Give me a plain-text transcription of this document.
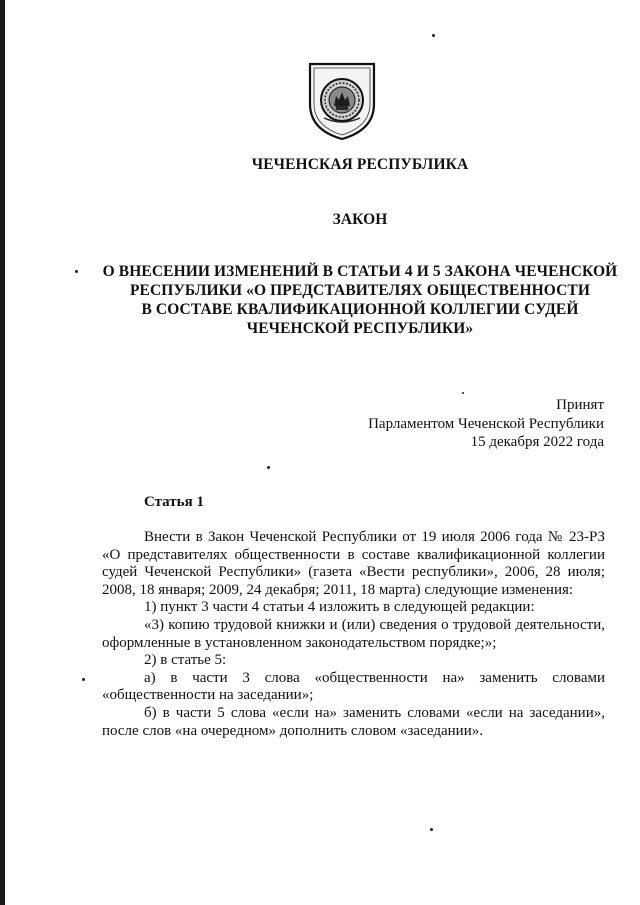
ЧЕЧЕНСКАЯ РЕСПУБЛИКА
ЗАКОН
О ВНЕСЕНИИ ИЗМЕНЕНИЙ В СТАТЬИ 4 И 5 ЗАКОНА ЧЕЧЕНСКОЙ
РЕСПУБЛИКИ «О ПРЕДСТАВИТЕЛЯХ ОБЩЕСТВЕННОСТИ
В СОСТАВЕ КВАЛИФИКАЦИОННОЙ КОЛЛЕГИИ СУДЕЙ
ЧЕЧЕНСКОЙ РЕСПУБЛИКИ»
Принят
Парламентом Чеченской Республики
15 декабря 2022 года
Статья 1
Внести в Закон Чеченской Республики от 19 июля 2006 года № 23-РЗ «О представителях общественности в составе квалификационной коллегии судей Чеченской Республики» (газета «Вести республики», 2006, 28 июля; 2008, 18 января; 2009, 24 декабря; 2011, 18 марта) следующие изменения:
1) пункт 3 части 4 статьи 4 изложить в следующей редакции:
«3) копию трудовой книжки и (или) сведения о трудовой деятельности, оформленные в установленном законодательством порядке;»;
2) в статье 5:
а) в части 3 слова «общественности на» заменить словами «общественности на заседании»;
б) в части 5 слова «если на» заменить словами «если на заседании», после слов «на очередном» дополнить словом «заседании».
